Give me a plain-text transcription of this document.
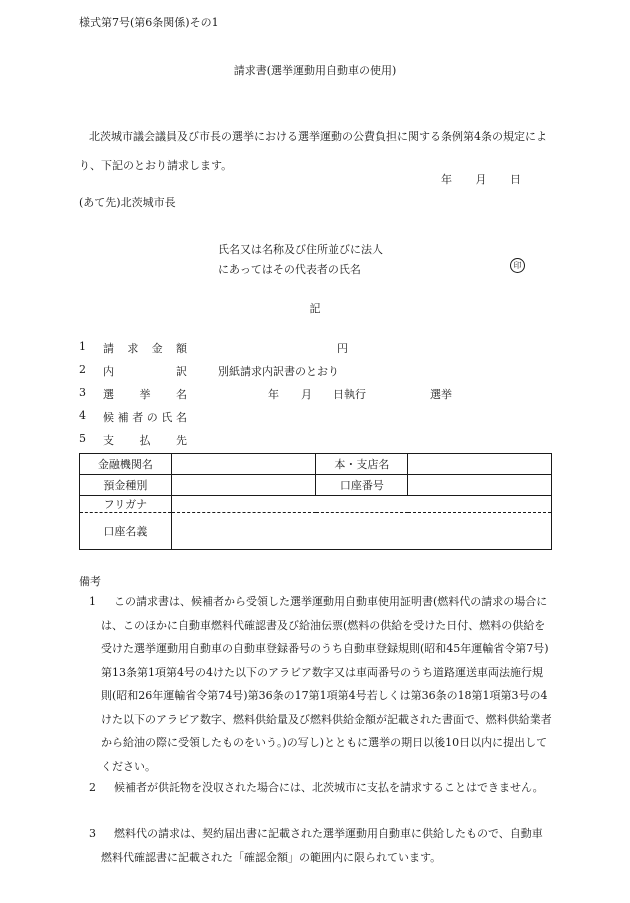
様式第7号(第6条関係)その1
請求書(選挙運動用自動車の使用)
北茨城市議会議員及び市長の選挙における選挙運動の公費負担に関する条例第4条の規定により、下記のとおり請求します。
年 月 日
(あて先)北茨城市長
氏名又は名称及び住所並びに法人
にあってはその代表者の氏名	印
記
1 請 求 金 額	円
2 内	訳	別紙請求内訳書のとおり
3 選 挙 名	年 月 日執行	選挙
4 候 補 者 の 氏 名
5 支 払 先
金融機関名		本・支店名	
預金種別		口座番号	
フリガナ			
口座名義			
備考
1	この請求書は、候補者から受領した選挙運動用自動車使用証明書(燃料代の請求の場合には、このほかに自動車燃料代確認書及び給油伝票(燃料の供給を受けた日付、燃料の供給を受けた選挙運動用自動車の自動車登録番号のうち自動車登録規則(昭和45年運輸省令第7号)第13条第1項第4号の4けた以下のアラビア数字又は車両番号のうち道路運送車両法施行規則(昭和26年運輸省令第74号)第36条の17第1項第4号若しくは第36条の18第1項第3号の4けた以下のアラビア数字、燃料供給量及び燃料供給金額が記載された書面で、燃料供給業者から給油の際に受領したものをいう。)の写し)とともに選挙の期日以後10日以内に提出してください。
2	候補者が供託物を没収された場合には、北茨城市に支払を請求することはできません。
3	燃料代の請求は、契約届出書に記載された選挙運動用自動車に供給したもので、自動車燃料代確認書に記載された「確認金額」の範囲内に限られています。
